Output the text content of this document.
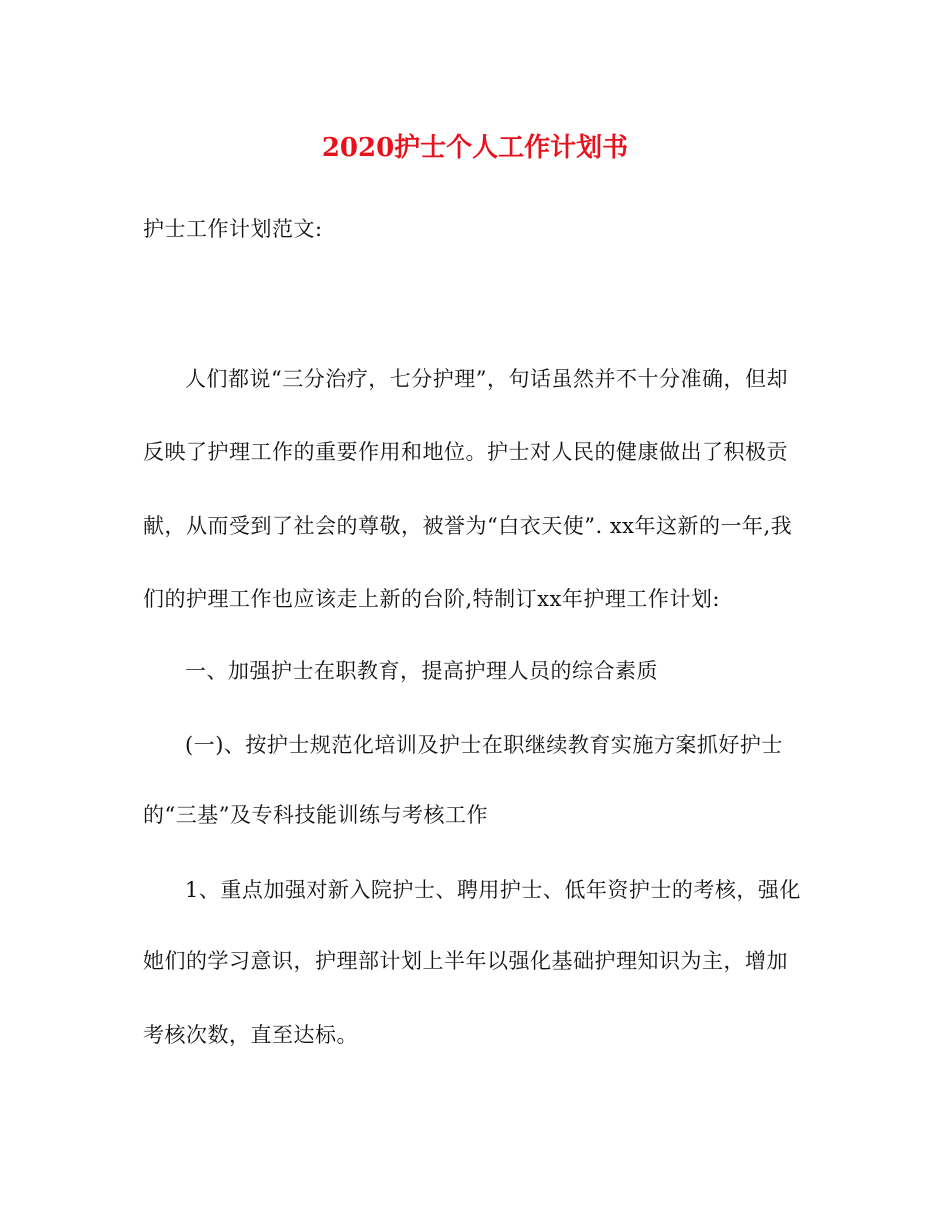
2020护士个人工作计划书
护士工作计划范文:
人们都说“三分治疗，七分护理”，句话虽然并不十分准确，但却
反映了护理工作的重要作用和地位。护士对人民的健康做出了积极贡
献，从而受到了社会的尊敬，被誉为“白衣天使”. xx年这新的一年,我
们的护理工作也应该走上新的台阶,特制订xx年护理工作计划:
一、加强护士在职教育，提高护理人员的综合素质
(一)、按护士规范化培训及护士在职继续教育实施方案抓好护士
的“三基”及专科技能训练与考核工作
1、重点加强对新入院护士、聘用护士、低年资护士的考核，强化
她们的学习意识，护理部计划上半年以强化基础护理知识为主，增加
考核次数，直至达标。
